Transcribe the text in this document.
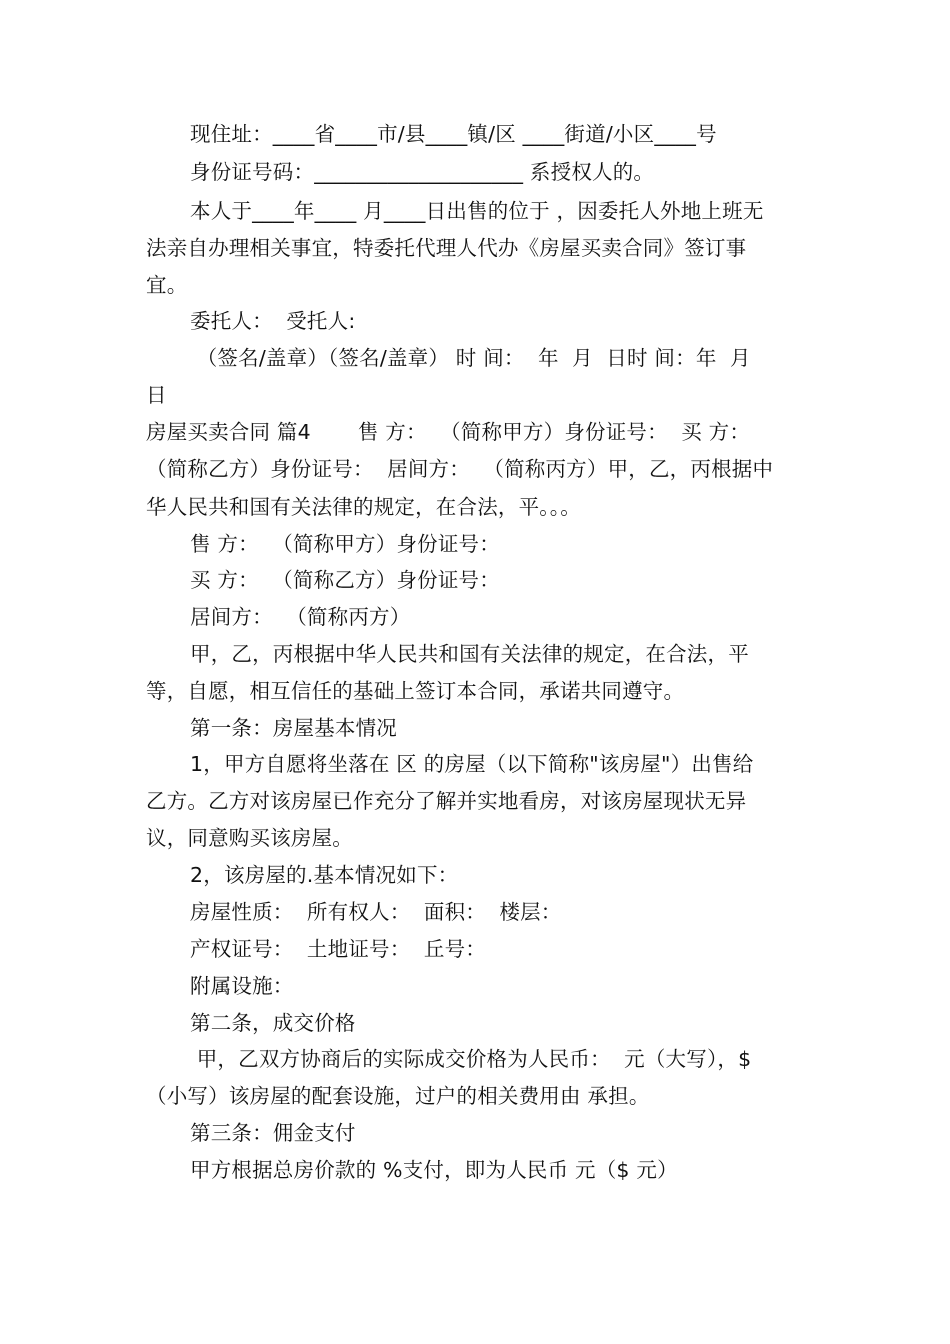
现住址：____省____市/县____镇/区 ____街道/小区____号
身份证号码：____________________ 系授权人的。
本人于____年____ 月____日出售的位于 ，因委托人外地上班无
法亲自办理相关事宜，特委托代理人代办《房屋买卖合同》签订事
宜。
委托人：  受托人:
（签名/盖章）（签名/盖章） 时 间：  年  月  日时 间：年  月
日
房屋买卖合同 篇4       售 方：  （简称甲方）身份证号：  买 方：
（简称乙方）身份证号：  居间方：  （简称丙方）甲，乙，丙根据中
华人民共和国有关法律的规定，在合法，平。。。
售 方：  （简称甲方）身份证号：
买 方：  （简称乙方）身份证号：
居间方：  （简称丙方）
甲，乙，丙根据中华人民共和国有关法律的规定，在合法，平
等，自愿，相互信任的基础上签订本合同，承诺共同遵守。
第一条：房屋基本情况
1，甲方自愿将坐落在 区 的房屋（以下简称"该房屋"）出售给
乙方。乙方对该房屋已作充分了解并实地看房，对该房屋现状无异
议，同意购买该房屋。
2，该房屋的.基本情况如下：
房屋性质：  所有权人：  面积：  楼层：
产权证号：  土地证号：  丘号：
附属设施：
第二条，成交价格
甲，乙双方协商后的实际成交价格为人民币：  元（大写），$
（小写）该房屋的配套设施，过户的相关费用由 承担。
第三条：佣金支付
甲方根据总房价款的 %支付，即为人民币 元（$ 元）
